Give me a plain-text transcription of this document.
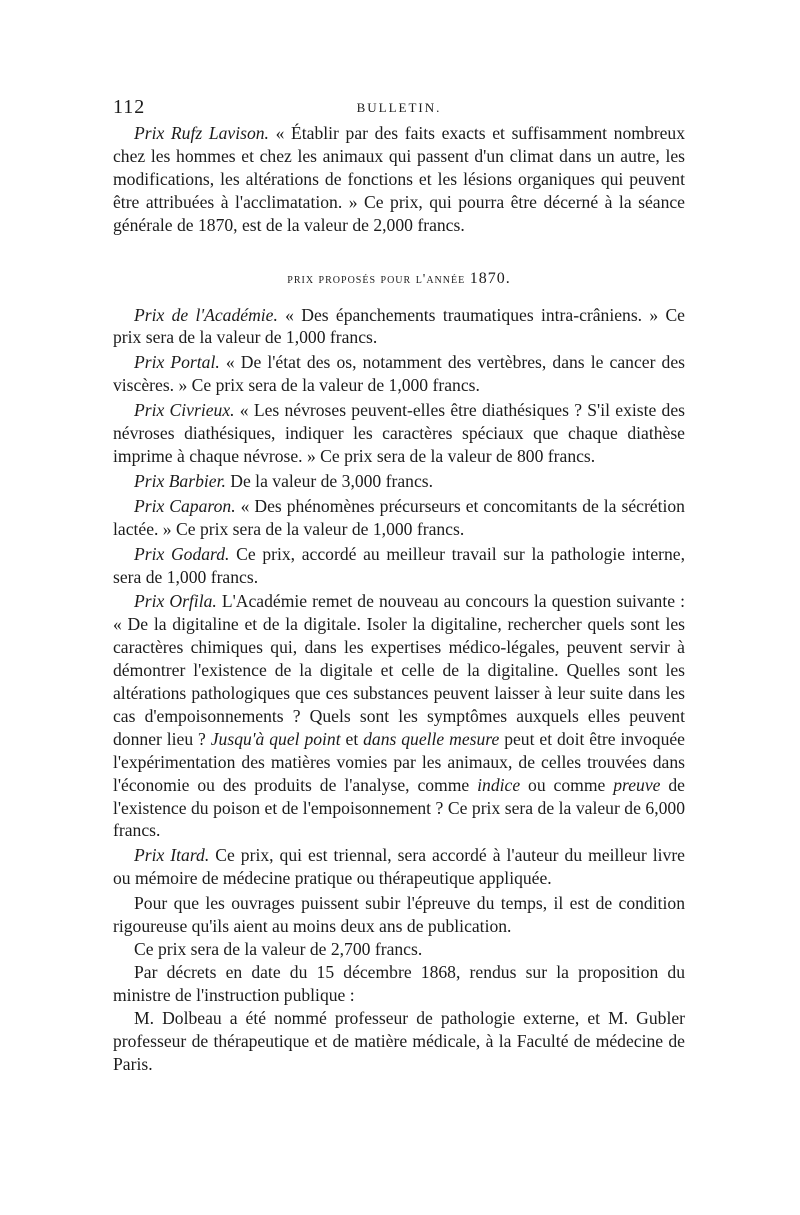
112	BULLETIN.

Prix Rufz Lavison. « Établir par des faits exacts et suffisamment nombreux chez les hommes et chez les animaux qui passent d'un climat dans un autre, les modifications, les altérations de fonctions et les lésions organiques qui peuvent être attribuées à l'acclimatation. » Ce prix, qui pourra être décerné à la séance générale de 1870, est de la valeur de 2,000 francs.

prix proposés pour l'année 1870.

Prix de l'Académie. « Des épanchements traumatiques intra-crâniens. » Ce prix sera de la valeur de 1,000 francs.

Prix Portal. « De l'état des os, notamment des vertèbres, dans le cancer des viscères. » Ce prix sera de la valeur de 1,000 francs.

Prix Civrieux. « Les névroses peuvent-elles être diathésiques ? S'il existe des névroses diathésiques, indiquer les caractères spéciaux que chaque diathèse imprime à chaque névrose. » Ce prix sera de la valeur de 800 francs.

Prix Barbier. De la valeur de 3,000 francs.

Prix Caparon. « Des phénomènes précurseurs et concomitants de la sécrétion lactée. » Ce prix sera de la valeur de 1,000 francs.

Prix Godard. Ce prix, accordé au meilleur travail sur la pathologie interne, sera de 1,000 francs.

Prix Orfila. L'Académie remet de nouveau au concours la question suivante : « De la digitaline et de la digitale. Isoler la digitaline, rechercher quels sont les caractères chimiques qui, dans les expertises médico-légales, peuvent servir à démontrer l'existence de la digitale et celle de la digitaline. Quelles sont les altérations pathologiques que ces substances peuvent laisser à leur suite dans les cas d'empoisonnements ? Quels sont les symptômes auxquels elles peuvent donner lieu ? Jusqu'à quel point et dans quelle mesure peut et doit être invoquée l'expérimentation des matières vomies par les animaux, de celles trouvées dans l'économie ou des produits de l'analyse, comme indice ou comme preuve de l'existence du poison et de l'empoisonnement ? Ce prix sera de la valeur de 6,000 francs.

Prix Itard. Ce prix, qui est triennal, sera accordé à l'auteur du meilleur livre ou mémoire de médecine pratique ou thérapeutique appliquée.

Pour que les ouvrages puissent subir l'épreuve du temps, il est de condition rigoureuse qu'ils aient au moins deux ans de publication.

Ce prix sera de la valeur de 2,700 francs.

Par décrets en date du 15 décembre 1868, rendus sur la proposition du ministre de l'instruction publique :

M. Dolbeau a été nommé professeur de pathologie externe, et M. Gubler professeur de thérapeutique et de matière médicale, à la Faculté de médecine de Paris.
